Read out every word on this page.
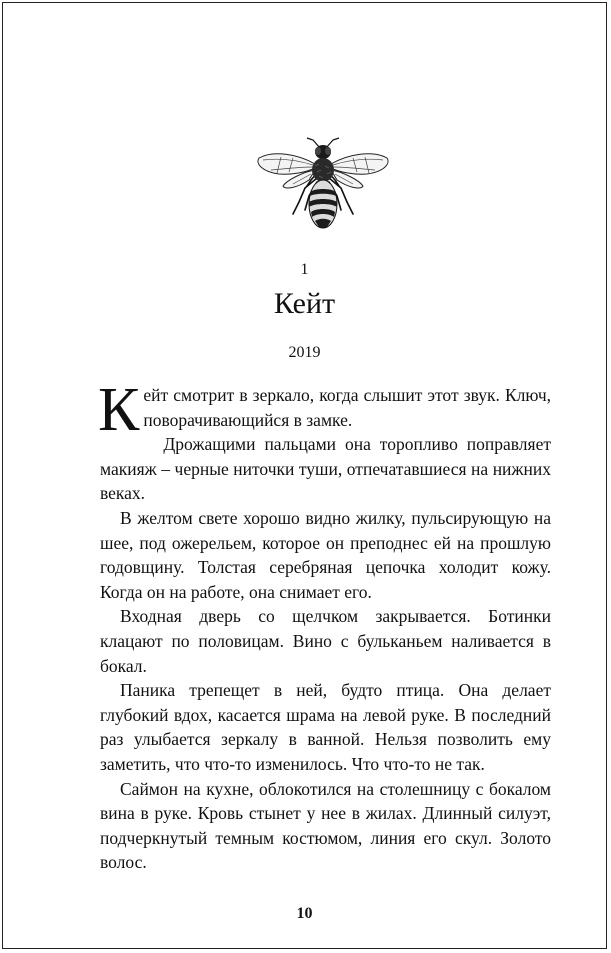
1
Кейт
2019

Кейт смотрит в зеркало, когда слышит этот звук. Ключ, поворачивающийся в замке.

Дрожащими пальцами она торопливо поправляет макияж – черные ниточки туши, отпечатавшиеся на нижних веках.

В желтом свете хорошо видно жилку, пульсирующую на шее, под ожерельем, которое он преподнес ей на прошлую годовщину. Толстая серебряная цепочка холодит кожу. Когда он на работе, она снимает его.

Входная дверь со щелчком закрывается. Ботинки клацают по половицам. Вино с бульканьем наливается в бокал.

Паника трепещет в ней, будто птица. Она делает глубокий вдох, касается шрама на левой руке. В последний раз улыбается зеркалу в ванной. Нельзя позволить ему заметить, что что-то изменилось. Что что-то не так.

Саймон на кухне, облокотился на столешницу с бокалом вина в руке. Кровь стынет у нее в жилах. Длинный силуэт, подчеркнутый темным костюмом, линия его скул. Золото волос.

10
